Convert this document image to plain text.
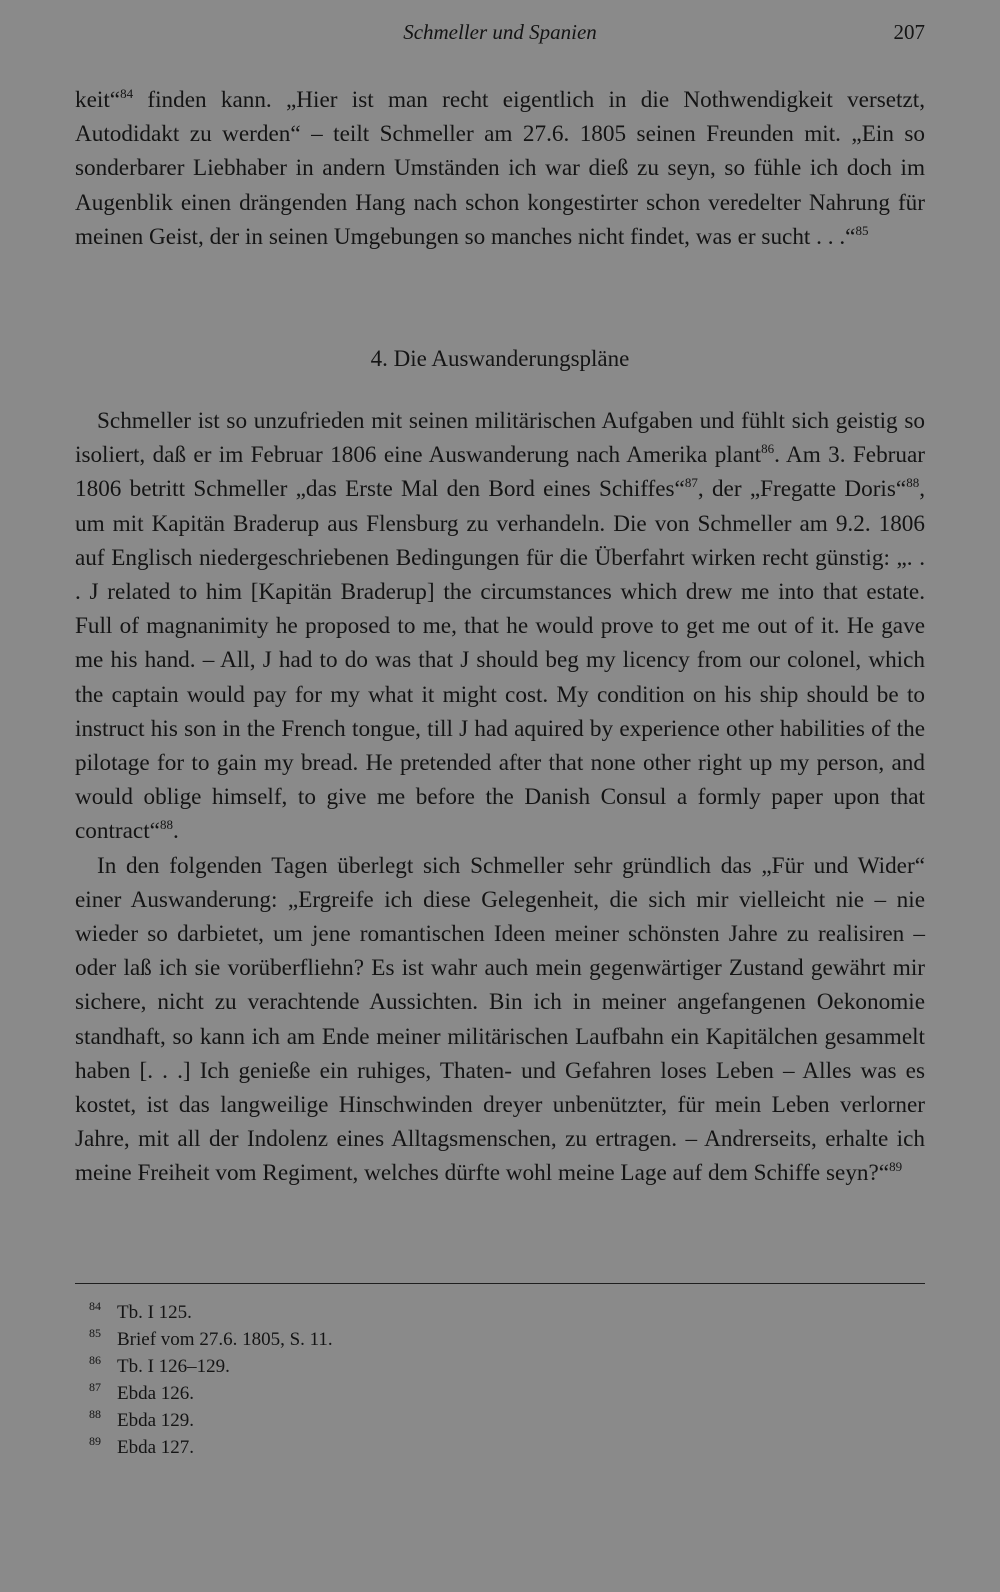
Schmeller und Spanien	207

keit“$^{84}$ finden kann. „Hier ist man recht eigentlich in die Nothwendigkeit versetzt, Autodidakt zu werden“ – teilt Schmeller am 27.6. 1805 seinen Freunden mit. „Ein so sonderbarer Liebhaber in andern Umständen ich war dieß zu seyn, so fühle ich doch im Augenblik einen drängenden Hang nach schon kongestirter schon veredelter Nahrung für meinen Geist, der in seinen Umgebungen so manches nicht findet, was er sucht . . .“$^{85}$

4. Die Auswanderungspläne

Schmeller ist so unzufrieden mit seinen militärischen Aufgaben und fühlt sich geistig so isoliert, daß er im Februar 1806 eine Auswanderung nach Amerika plant$^{86}$. Am 3. Februar 1806 betritt Schmeller „das Erste Mal den Bord eines Schiffes“$^{87}$, der „Fregatte Doris“$^{88}$, um mit Kapitän Braderup aus Flensburg zu verhandeln. Die von Schmeller am 9.2. 1806 auf Englisch niedergeschriebenen Bedingungen für die Überfahrt wirken recht günstig: „. . . J related to him [Kapitän Braderup] the circumstances which drew me into that estate. Full of magnanimity he proposed to me, that he would prove to get me out of it. He gave me his hand. – All, J had to do was that J should beg my licency from our colonel, which the captain would pay for my what it might cost. My condition on his ship should be to instruct his son in the French tongue, till J had aquired by experience other habilities of the pilotage for to gain my bread. He pretended after that none other right up my person, and would oblige himself, to give me before the Danish Consul a formly paper upon that contract“$^{88}$.

In den folgenden Tagen überlegt sich Schmeller sehr gründlich das „Für und Wider“ einer Auswanderung: „Ergreife ich diese Gelegenheit, die sich mir vielleicht nie – nie wieder so darbietet, um jene romantischen Ideen meiner schönsten Jahre zu realisiren – oder laß ich sie vorüberfliehn? Es ist wahr auch mein gegenwärtiger Zustand gewährt mir sichere, nicht zu verachtende Aussichten. Bin ich in meiner angefangenen Oekonomie standhaft, so kann ich am Ende meiner militärischen Laufbahn ein Kapitälchen gesammelt haben [. . .] Ich genieße ein ruhiges, Thaten- und Gefahren loses Leben – Alles was es kostet, ist das langweilige Hinschwinden dreyer unbenützter, für mein Leben verlorner Jahre, mit all der Indolenz eines Alltagsmenschen, zu ertragen. – Andrerseits, erhalte ich meine Freiheit vom Regiment, welches dürfte wohl meine Lage auf dem Schiffe seyn?“$^{89}$

84 Tb. I 125.

85 Brief vom 27.6. 1805, S. 11.

86 Tb. I 126–129.

87 Ebda 126.

88 Ebda 129.

89 Ebda 127.
